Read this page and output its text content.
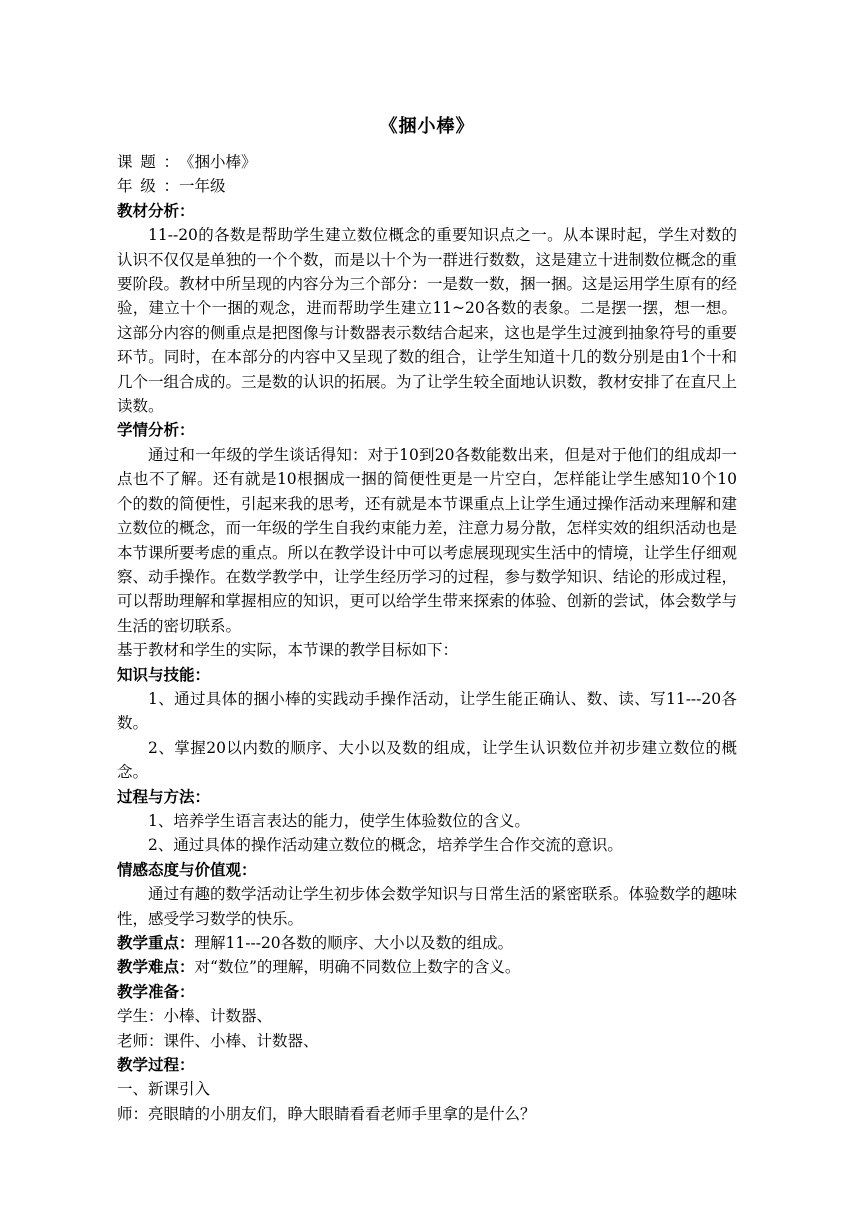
《捆小棒》
课题：《捆小棒》
年级：一年级
教材分析：

11--20的各数是帮助学生建立数位概念的重要知识点之一。从本课时起，学生对数的认识不仅仅是单独的一个个数，而是以十个为一群进行数数，这是建立十进制数位概念的重要阶段。教材中所呈现的内容分为三个部分：一是数一数，捆一捆。这是运用学生原有的经验，建立十个一捆的观念，进而帮助学生建立11~20各数的表象。二是摆一摆，想一想。这部分内容的侧重点是把图像与计数器表示数结合起来，这也是学生过渡到抽象符号的重要环节。同时，在本部分的内容中又呈现了数的组合，让学生知道十几的数分别是由1个十和几个一组合成的。三是数的认识的拓展。为了让学生较全面地认识数，教材安排了在直尺上读数。

学情分析：

通过和一年级的学生谈话得知：对于10到20各数能数出来，但是对于他们的组成却一点也不了解。还有就是10根捆成一捆的简便性更是一片空白，怎样能让学生感知10个10 个的数的简便性，引起来我的思考，还有就是本节课重点上让学生通过操作活动来理解和建立数位的概念，而一年级的学生自我约束能力差，注意力易分散，怎样实效的组织活动也是本节课所要考虑的重点。所以在教学设计中可以考虑展现现实生活中的情境，让学生仔细观察、动手操作。在数学教学中，让学生经历学习的过程，参与数学知识、结论的形成过程，可以帮助理解和掌握相应的知识，更可以给学生带来探索的体验、创新的尝试，体会数学与生活的密切联系。

基于教材和学生的实际，本节课的教学目标如下：

知识与技能：

1、通过具体的捆小棒的实践动手操作活动，让学生能正确认、数、读、写11---20各数。

2、掌握20以内数的顺序、大小以及数的组成，让学生认识数位并初步建立数位的概念。

过程与方法：

1、培养学生语言表达的能力，使学生体验数位的含义。

2、通过具体的操作活动建立数位的概念，培养学生合作交流的意识。

情感态度与价值观：

通过有趣的数学活动让学生初步体会数学知识与日常生活的紧密联系。体验数学的趣味性，感受学习数学的快乐。

教学重点：理解11---20各数的顺序、大小以及数的组成。
教学难点：对“数位”的理解，明确不同数位上数字的含义。
教学准备：
学生：小棒、计数器、
老师：课件、小棒、计数器、
教学过程：
一、新课引入
师：亮眼睛的小朋友们，睁大眼睛看看老师手里拿的是什么？
